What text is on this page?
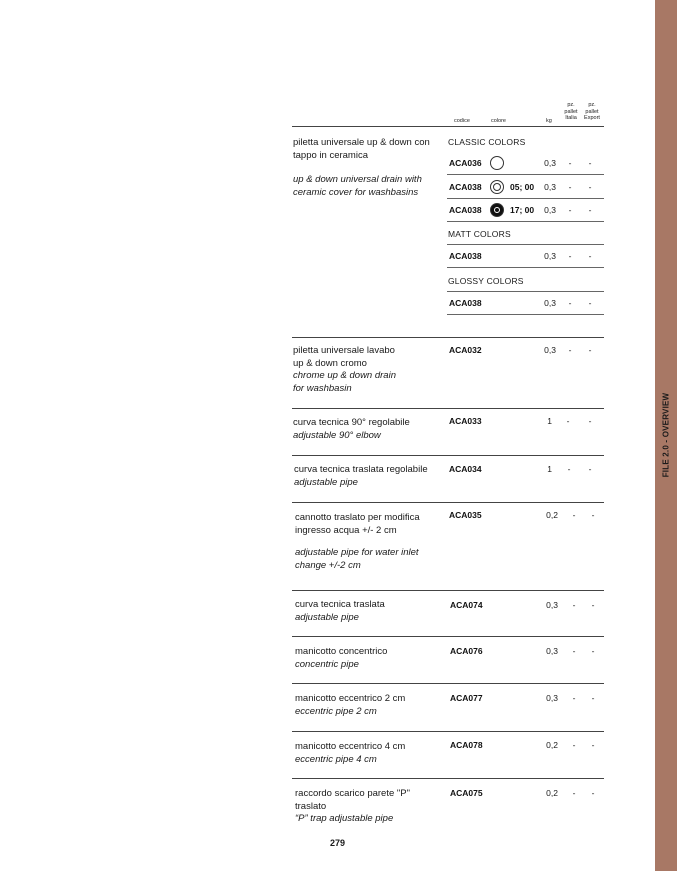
FILE 2.0 - OVERVIEW
codice	colore	kg
pz.
pallet
Italia
pz.
pallet
Export
piletta universale up & down con tappo in ceramica
up & down universal drain with ceramic cover for washbasins
CLASSIC COLORS
ACA036	0,3	-	-
ACA038	05; 00	0,3	-	-
ACA038	17; 00	0,3	-	-
MATT COLORS
ACA038	0,3	-	-
GLOSSY COLORS
ACA038	0,3	-	-
piletta universale lavabo
up & down cromo
chrome up & down drain
for washbasin
ACA032	0,3	-	-
curva tecnica 90° regolabile
adjustable 90° elbow
ACA033	1	-	-
curva tecnica traslata regolabile
adjustable pipe
ACA034	1	-	-
cannotto traslato per modifica ingresso acqua +/- 2 cm
adjustable pipe for water inlet change +/-2 cm
ACA035	0,2	-	-
curva tecnica traslata
adjustable pipe
ACA074	0,3	-	-
manicotto concentrico
concentric pipe
ACA076	0,3	-	-
manicotto eccentrico 2 cm
eccentric pipe 2 cm
ACA077	0,3	-	-
manicotto eccentrico 4 cm
eccentric pipe 4 cm
ACA078	0,2	-	-
raccordo scarico parete "P" traslato
“P” trap adjustable pipe
ACA075	0,2	-	-
279
